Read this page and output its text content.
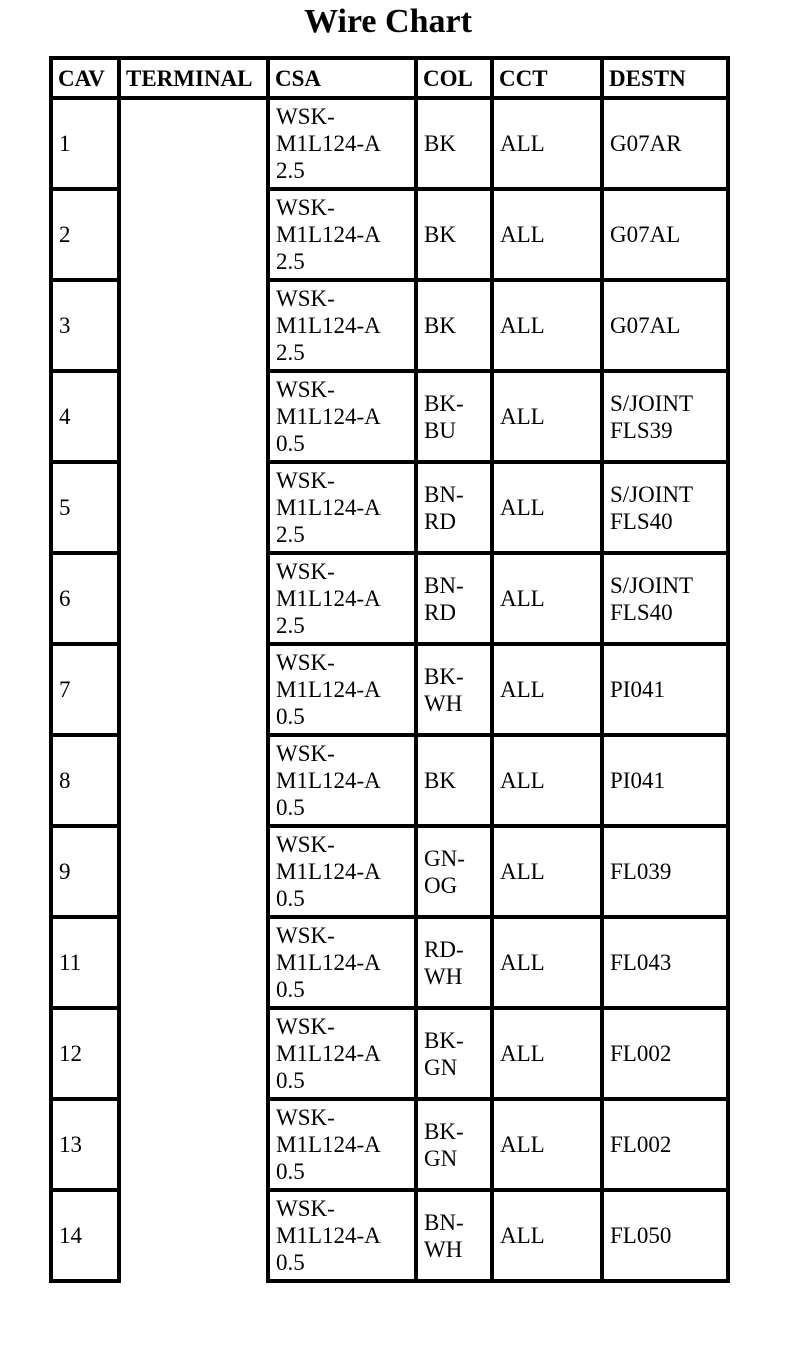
Wire Chart
CAV	TERMINAL	CSA	COL	CCT	DESTN
1		WSK-
M1L124-A
2.5	BK	ALL	G07AR

2		WSK-
M1L124-A
2.5	BK	ALL	G07AL

3		WSK-
M1L124-A
2.5	BK	ALL	G07AL

4		WSK-
M1L124-A
0.5	BK-
BU	ALL	S/JOINT
FLS39

5		WSK-
M1L124-A
2.5	BN-
RD	ALL	S/JOINT
FLS40

6		WSK-
M1L124-A
2.5	BN-
RD	ALL	S/JOINT
FLS40

7		WSK-
M1L124-A
0.5	BK-
WH	ALL	PI041

8		WSK-
M1L124-A
0.5	BK	ALL	PI041

9		WSK-
M1L124-A
0.5	GN-
OG	ALL	FL039

11		WSK-
M1L124-A
0.5	RD-
WH	ALL	FL043

12		WSK-
M1L124-A
0.5	BK-
GN	ALL	FL002

13		WSK-
M1L124-A
0.5	BK-
GN	ALL	FL002

14		WSK-
M1L124-A
0.5	BN-
WH	ALL	FL050
